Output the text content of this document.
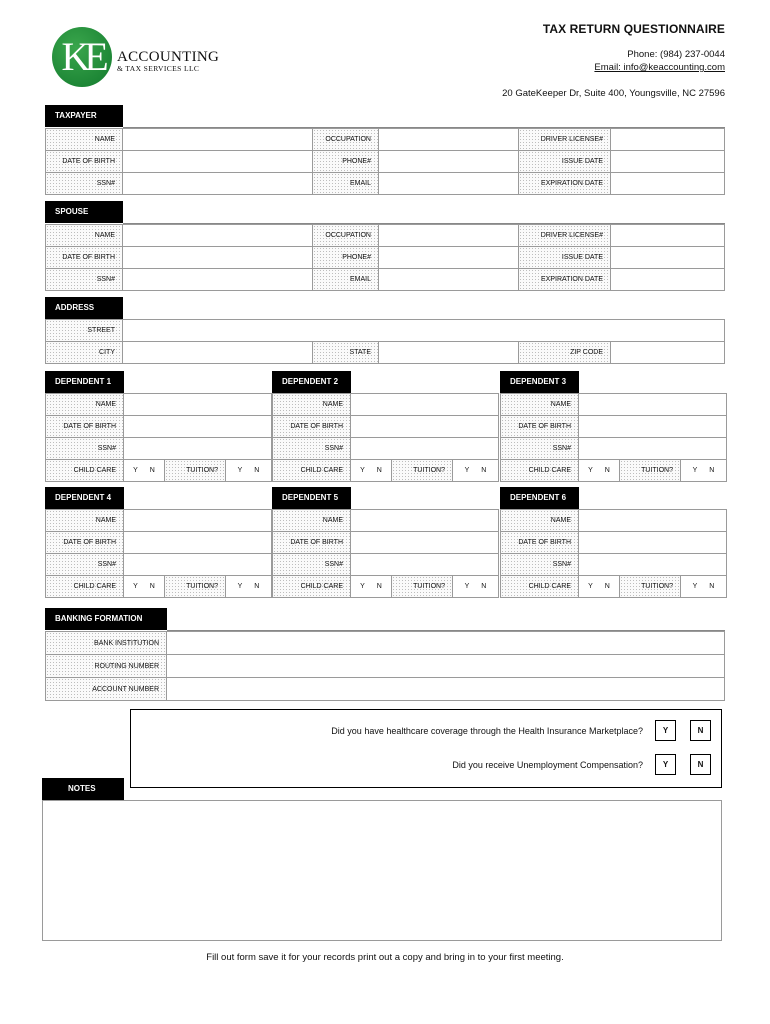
KE ACCOUNTING
& TAX SERVICES LLC
TAX RETURN QUESTIONNAIRE
Phone: (984) 237-0044
Email: info@keaccounting.com
20 GateKeeper Dr, Suite 400, Youngsville, NC 27596
TAXPAYER
NAME	OCCUPATION	DRIVER LICENSE#
DATE OF BIRTH	PHONE#	ISSUE DATE
SSN#	EMAIL	EXPIRATION DATE
SPOUSE
NAME	OCCUPATION	DRIVER LICENSE#
DATE OF BIRTH	PHONE#	ISSUE DATE
SSN#	EMAIL	EXPIRATION DATE
ADDRESS
STREET
CITY	STATE	ZIP CODE
DEPENDENT 1
NAME
DATE OF BIRTH
SSN#
CHILD CARE	Y N	TUITION?	Y N
DEPENDENT 2
NAME
DATE OF BIRTH
SSN#
CHILD CARE	Y N	TUITION?	Y N
DEPENDENT 3
NAME
DATE OF BIRTH
SSN#
CHILD CARE	Y N	TUITION?	Y N
DEPENDENT 4
NAME
DATE OF BIRTH
SSN#
CHILD CARE	Y N	TUITION?	Y N
DEPENDENT 5
NAME
DATE OF BIRTH
SSN#
CHILD CARE	Y N	TUITION?	Y N
DEPENDENT 6
NAME
DATE OF BIRTH
SSN#
CHILD CARE	Y N	TUITION?	Y N
BANKING FORMATION
BANK INSTITUTION
ROUTING NUMBER
ACCOUNT NUMBER
Did you have healthcare coverage through the Health Insurance Marketplace?	Y	N
Did you receive Unemployment Compensation?	Y	N
NOTES
Fill out form save it for your records print out a copy and bring in to your first meeting.
